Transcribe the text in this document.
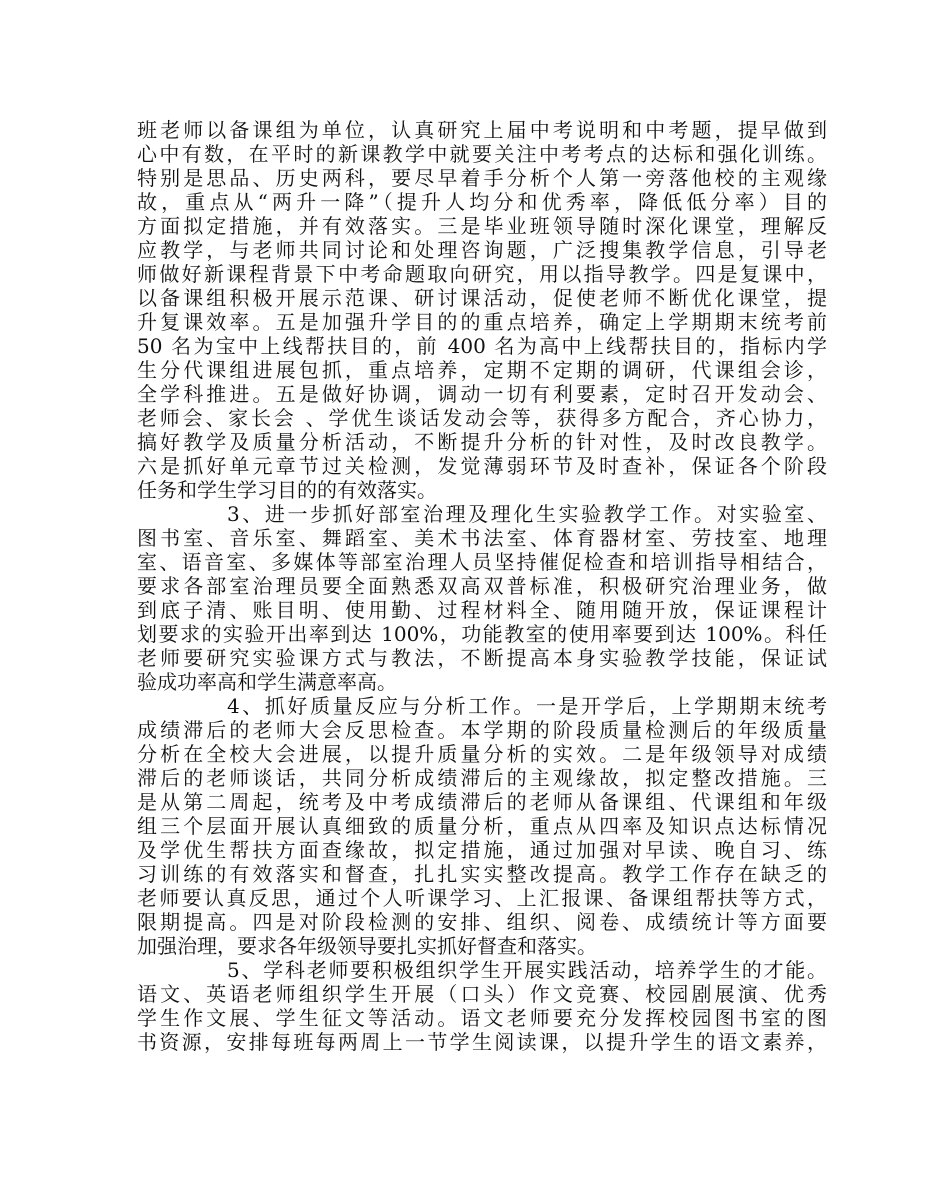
班老师以备课组为单位，认真研究上届中考说明和中考题，提早做到
心中有数，在平时的新课教学中就要关注中考考点的达标和强化训练。
特别是思品、历史两科，要尽早着手分析个人第一旁落他校的主观缘
故，重点从“两升一降”（提升人均分和优秀率，降低低分率）目的
方面拟定措施，并有效落实。三是毕业班领导随时深化课堂，理解反
应教学，与老师共同讨论和处理咨询题，广泛搜集教学信息，引导老
师做好新课程背景下中考命题取向研究，用以指导教学。四是复课中，
以备课组积极开展示范课、研讨课活动，促使老师不断优化课堂，提
升复课效率。五是加强升学目的的重点培养，确定上学期期末统考前
50 名为宝中上线帮扶目的，前 400 名为高中上线帮扶目的，指标内学
生分代课组进展包抓，重点培养，定期不定期的调研，代课组会诊，
全学科推进。五是做好协调，调动一切有利要素，定时召开发动会、
老师会、家长会 、学优生谈话发动会等，获得多方配合，齐心协力，
搞好教学及质量分析活动，不断提升分析的针对性，及时改良教学。
六是抓好单元章节过关检测，发觉薄弱环节及时查补，保证各个阶段
任务和学生学习目的的有效落实。
3、进一步抓好部室治理及理化生实验教学工作。对实验室、
图书室、音乐室、舞蹈室、美术书法室、体育器材室、劳技室、地理
室、语音室、多媒体等部室治理人员坚持催促检查和培训指导相结合，
要求各部室治理员要全面熟悉双高双普标准，积极研究治理业务，做
到底子清、账目明、使用勤、过程材料全、随用随开放，保证课程计
划要求的实验开出率到达 100%，功能教室的使用率要到达 100%。科任
老师要研究实验课方式与教法，不断提高本身实验教学技能，保证试
验成功率高和学生满意率高。
4、抓好质量反应与分析工作。一是开学后，上学期期末统考
成绩滞后的老师大会反思检查。本学期的阶段质量检测后的年级质量
分析在全校大会进展，以提升质量分析的实效。二是年级领导对成绩
滞后的老师谈话，共同分析成绩滞后的主观缘故，拟定整改措施。三
是从第二周起，统考及中考成绩滞后的老师从备课组、代课组和年级
组三个层面开展认真细致的质量分析，重点从四率及知识点达标情况
及学优生帮扶方面查缘故，拟定措施，通过加强对早读、晚自习、练
习训练的有效落实和督查，扎扎实实整改提高。教学工作存在缺乏的
老师要认真反思，通过个人听课学习、上汇报课、备课组帮扶等方式，
限期提高。四是对阶段检测的安排、组织、阅卷、成绩统计等方面要
加强治理，要求各年级领导要扎实抓好督查和落实。
5、学科老师要积极组织学生开展实践活动，培养学生的才能。
语文、英语老师组织学生开展（口头）作文竞赛、校园剧展演、优秀
学生作文展、学生征文等活动。语文老师要充分发挥校园图书室的图
书资源，安排每班每两周上一节学生阅读课，以提升学生的语文素养，
